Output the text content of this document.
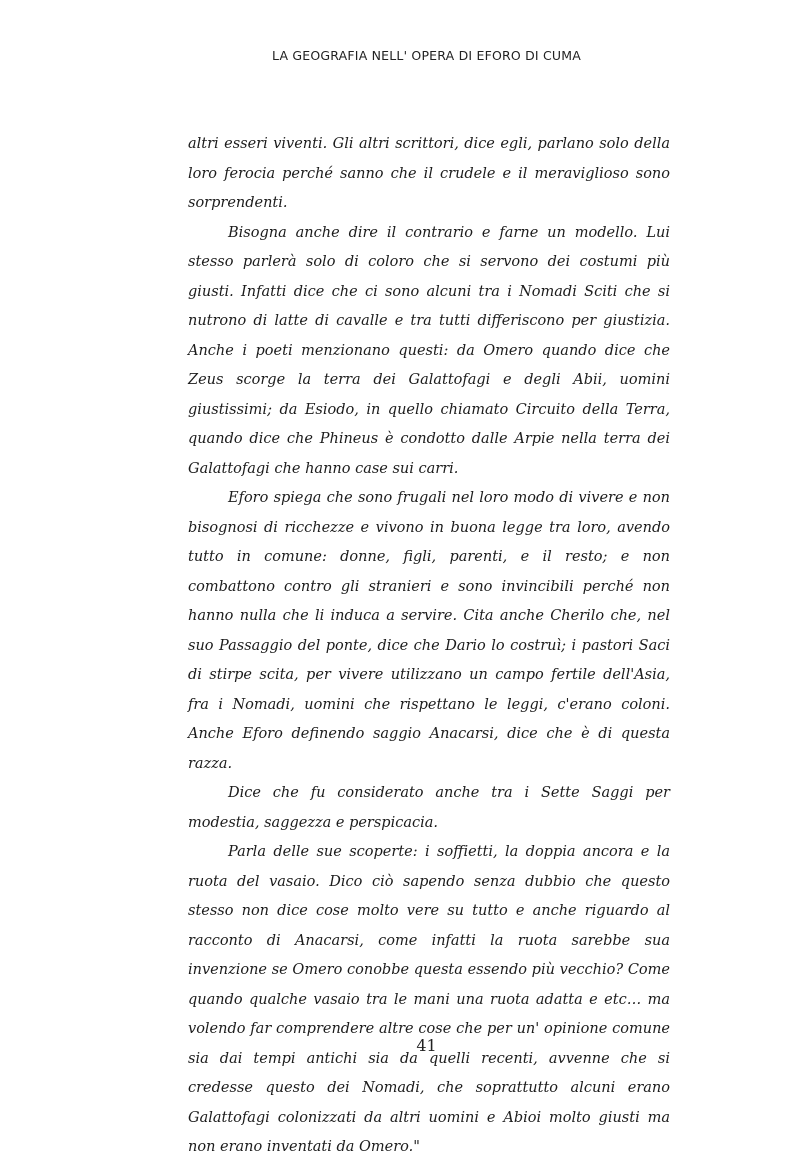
LA GEOGRAFIA NELL' OPERA DI EFORO DI CUMA

altri esseri viventi. Gli altri scrittori, dice egli, parlano solo della loro ferocia perché sanno che il crudele e il meraviglioso sono sorprendenti.

Bisogna anche dire il contrario e farne un modello. Lui stesso parlerà solo di coloro che si servono dei costumi più giusti. Infatti dice che ci sono alcuni tra i Nomadi Sciti che si nutrono di latte di cavalle e tra tutti differiscono per giustizia. Anche i poeti menzionano questi: da Omero quando dice che Zeus scorge la terra dei Galattofagi e degli Abii, uomini giustissimi; da Esiodo, in quello chiamato Circuito della Terra, quando dice che Phineus è condotto dalle Arpie nella terra dei Galattofagi che hanno case sui carri.

Eforo spiega che sono frugali nel loro modo di vivere e non bisognosi di ricchezze e vivono in buona legge tra loro, avendo tutto in comune: donne, figli, parenti, e il resto; e non combattono contro gli stranieri e sono invincibili perché non hanno nulla che li induca a servire. Cita anche Cherilo che, nel suo Passaggio del ponte, dice che Dario lo costruì; i pastori Saci di stirpe scita, per vivere utilizzano un campo fertile dell'Asia, fra i Nomadi, uomini che rispettano le leggi, c'erano coloni. Anche Eforo definendo saggio Anacarsi, dice che è di questa razza.

Dice che fu considerato anche tra i Sette Saggi per modestia, saggezza e perspicacia.

Parla delle sue scoperte: i soffietti, la doppia ancora e la ruota del vasaio. Dico ciò sapendo senza dubbio che questo stesso non dice cose molto vere su tutto e anche riguardo al racconto di Anacarsi, come infatti la ruota sarebbe sua invenzione se Omero conobbe questa essendo più vecchio? Come quando qualche vasaio tra le mani una ruota adatta e etc… ma volendo far comprendere altre cose che per un' opinione comune sia dai tempi antichi sia da quelli recenti, avvenne che si credesse questo dei Nomadi, che soprattutto alcuni erano Galattofagi colonizzati da altri uomini e Abioi molto giusti ma non erano inventati da Omero."

41
